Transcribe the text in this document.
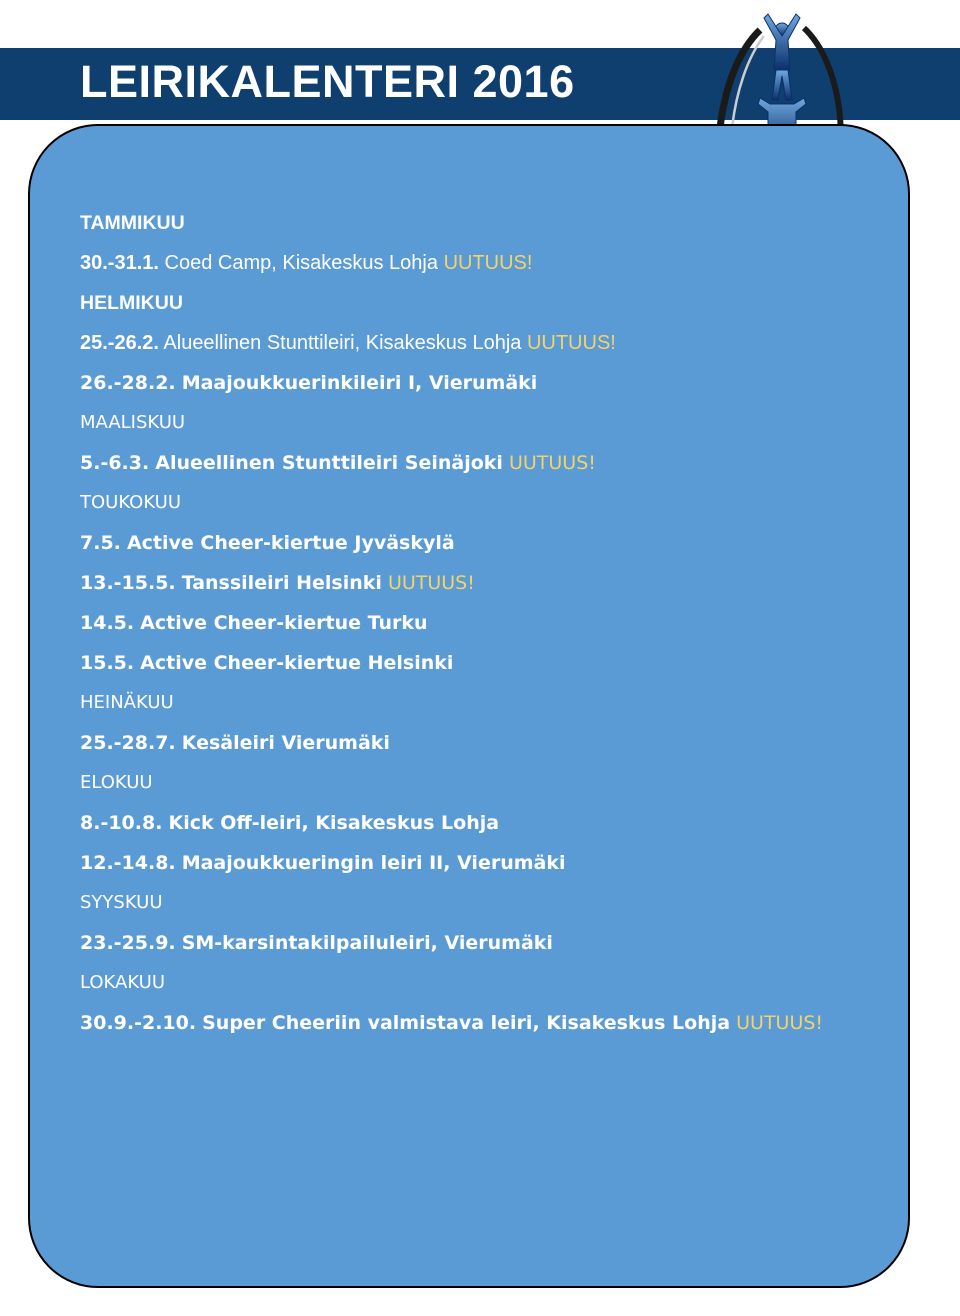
LEIRIKALENTERI 2016
TAMMIKUU
30.-31.1. Coed Camp, Kisakeskus Lohja UUTUUS!
HELMIKUU
25.-26.2. Alueellinen Stunttileiri, Kisakeskus Lohja UUTUUS!
26.-28.2. Maajoukkuerinkileiri I, Vierumäki
MAALISKUU
5.-6.3. Alueellinen Stunttileiri Seinäjoki UUTUUS!
TOUKOKUU
7.5. Active Cheer-kiertue Jyväskylä
13.-15.5. Tanssileiri Helsinki UUTUUS!
14.5. Active Cheer-kiertue Turku
15.5. Active Cheer-kiertue Helsinki
HEINÄKUU
25.-28.7. Kesäleiri Vierumäki
ELOKUU
8.-10.8. Kick Off-leiri, Kisakeskus Lohja
12.-14.8. Maajoukkueringin leiri II, Vierumäki
SYYSKUU
23.-25.9. SM-karsintakilpailuleiri, Vierumäki
LOKAKUU
30.9.-2.10. Super Cheeriin valmistava leiri, Kisakeskus Lohja UUTUUS!
